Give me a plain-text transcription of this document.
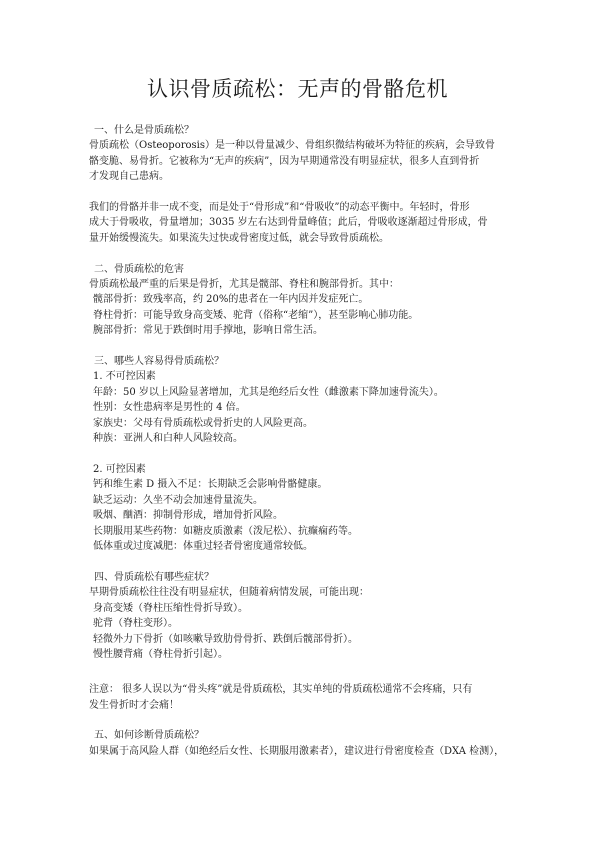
认识骨质疏松：无声的骨骼危机
一、什么是骨质疏松？
骨质疏松（Osteoporosis）是一种以骨量减少、骨组织微结构破坏为特征的疾病，会导致骨
骼变脆、易骨折。它被称为“无声的疾病”，因为早期通常没有明显症状，很多人直到骨折
才发现自己患病。
我们的骨骼并非一成不变，而是处于“骨形成”和“骨吸收”的动态平衡中。年轻时，骨形
成大于骨吸收，骨量增加；3035 岁左右达到骨量峰值；此后，骨吸收逐渐超过骨形成，骨
量开始缓慢流失。如果流失过快或骨密度过低，就会导致骨质疏松。
二、骨质疏松的危害
骨质疏松最严重的后果是骨折，尤其是髋部、脊柱和腕部骨折。其中：
髋部骨折：致残率高，约 20%的患者在一年内因并发症死亡。
脊柱骨折：可能导致身高变矮、驼背（俗称“老缩”），甚至影响心肺功能。
腕部骨折：常见于跌倒时用手撑地，影响日常生活。
三、哪些人容易得骨质疏松？
1. 不可控因素
年龄：50 岁以上风险显著增加，尤其是绝经后女性（雌激素下降加速骨流失）。
性别：女性患病率是男性的 4 倍。
家族史：父母有骨质疏松或骨折史的人风险更高。
种族：亚洲人和白种人风险较高。
2. 可控因素
钙和维生素 D 摄入不足：长期缺乏会影响骨骼健康。
缺乏运动：久坐不动会加速骨量流失。
吸烟、酗酒：抑制骨形成，增加骨折风险。
长期服用某些药物：如糖皮质激素（泼尼松）、抗癫痫药等。
低体重或过度减肥：体重过轻者骨密度通常较低。
四、骨质疏松有哪些症状？
早期骨质疏松往往没有明显症状，但随着病情发展，可能出现：
身高变矮（脊柱压缩性骨折导致）。
驼背（脊柱变形）。
轻微外力下骨折（如咳嗽导致肋骨骨折、跌倒后髋部骨折）。
慢性腰背痛（脊柱骨折引起）。
注意： 很多人误以为“骨头疼”就是骨质疏松，其实单纯的骨质疏松通常不会疼痛，只有
发生骨折时才会痛！
五、如何诊断骨质疏松？
如果属于高风险人群（如绝经后女性、长期服用激素者），建议进行骨密度检查（DXA 检测），
